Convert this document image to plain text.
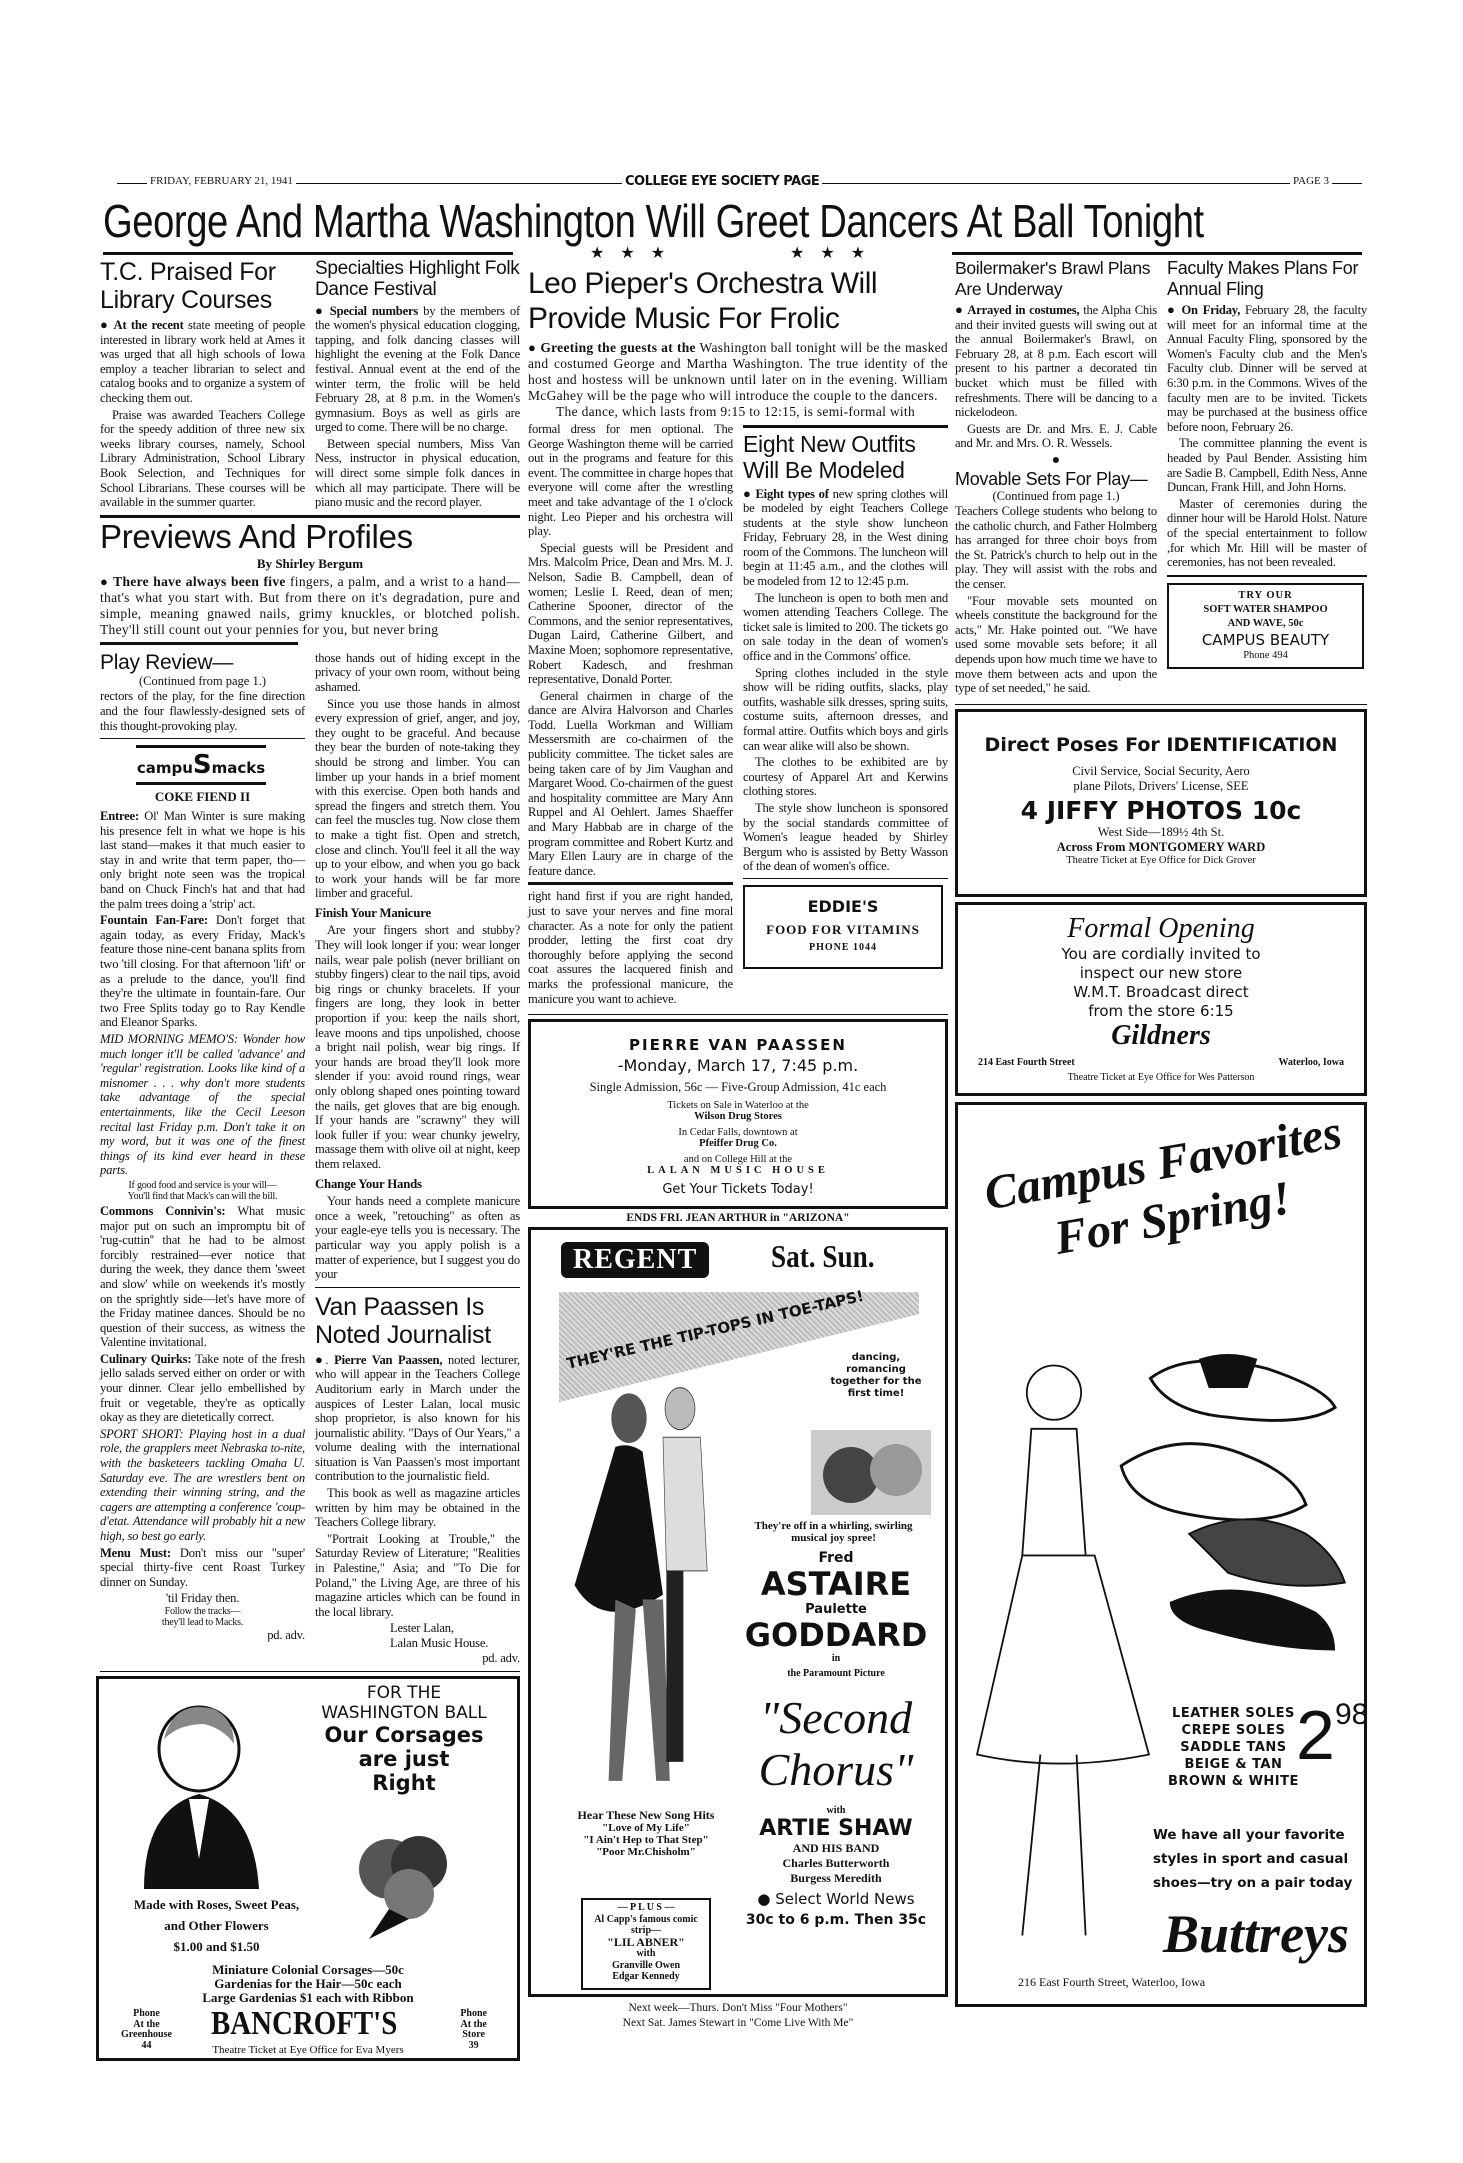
FRIDAY, FEBRUARY 21, 1941	COLLEGE EYE SOCIETY PAGE	PAGE 3
George And Martha Washington Will Greet Dancers At Ball Tonight
★ ★ ★	★ ★ ★
T.C. Praised For Library Courses

● At the recent state meeting of people interested in library work held at Ames it was urged that all high schools of Iowa employ a teacher librarian to select and catalog books and to organize a system of checking them out.

Praise was awarded Teachers College for the speedy addition of three new six weeks library courses, namely, School Library Administration, School Library Book Selection, and Techniques for School Librarians. These courses will be available in the summer quarter.

Specialties Highlight Folk Dance Festival

● Special numbers by the members of the women's physical education clogging, tapping, and folk dancing classes will highlight the evening at the Folk Dance festival. Annual event at the end of the winter term, the frolic will be held February 28, at 8 p.m. in the Women's gymnasium. Boys as well as girls are urged to come. There will be no charge.

Between special numbers, Miss Van Ness, instructor in physical education, will direct some simple folk dances in which all may participate. There will be piano music and the record player.

Previews And Profiles
By Shirley Bergum
● There have always been five fingers, a palm, and a wrist to a hand—that's what you start with. But from there on it's degradation, pure and simple, meaning gnawed nails, grimy knuckles, or blotched polish. They'll still count out your pennies for you, but never bring
Play Review—
(Continued from page 1.)

rectors of the play, for the fine direction and the four flawlessly-designed sets of this thought-provoking play.

campuSmacks
COKE FIEND II

Entree: Ol' Man Winter is sure making his presence felt in what we hope is his last stand—makes it that much easier to stay in and write that term paper, tho—only bright note seen was the tropical band on Chuck Finch's hat and that had the palm trees doing a 'strip' act.

Fountain Fan-Fare: Don't forget that again today, as every Friday, Mack's feature those nine-cent banana splits from two 'till closing. For that afternoon 'lift' or as a prelude to the dance, you'll find they're the ultimate in fountain-fare. Our two Free Splits today go to Ray Kendle and Eleanor Sparks.

MID MORNING MEMO'S: Wonder how much longer it'll be called 'advance' and 'regular' registration. Looks like kind of a misnomer . . . why don't more students take advantage of the special entertainments, like the Cecil Leeson recital last Friday p.m. Don't take it on my word, but it was one of the finest things of its kind ever heard in these parts.

If good food and service is your will—
You'll find that Mack's can will the bill.

Commons Connivin's: What music major put on such an impromptu bit of 'rug-cuttin'' that he had to be almost forcibly restrained—ever notice that during the week, they dance them 'sweet and slow' while on weekends it's mostly on the sprightly side—let's have more of the Friday matinee dances. Should be no question of their success, as witness the Valentine invitational.

Culinary Quirks: Take note of the fresh jello salads served either on order or with your dinner. Clear jello embellished by fruit or vegetable, they're as optically okay as they are dietetically correct.

SPORT SHORT: Playing host in a dual role, the grapplers meet Nebraska to-nite, with the basketeers tackling Omaha U. Saturday eve. The are wrestlers bent on extending their winning string, and the cagers are attempting a conference 'coup-d'etat. Attendance will probably hit a new high, so best go early.

Menu Must: Don't miss our "super' special thirty-five cent Roast Turkey dinner on Sunday.

'til Friday then.
Follow the tracks—
they'll lead to Macks.
pd. adv.

those hands out of hiding except in the privacy of your own room, without being ashamed.

Since you use those hands in almost every expression of grief, anger, and joy, they ought to be graceful. And because they bear the burden of note-taking they should be strong and limber. You can limber up your hands in a brief moment with this exercise. Open both hands and spread the fingers and stretch them. You can feel the muscles tug. Now close them to make a tight fist. Open and stretch, close and clinch. You'll feel it all the way up to your elbow, and when you go back to work your hands will be far more limber and graceful.

Finish Your Manicure

Are your fingers short and stubby? They will look longer if you: wear longer nails, wear pale polish (never brilliant on stubby fingers) clear to the nail tips, avoid big rings or chunky bracelets. If your fingers are long, they look in better proportion if you: keep the nails short, leave moons and tips unpolished, choose a bright nail polish, wear big rings. If your hands are broad they'll look more slender if you: avoid round rings, wear only oblong shaped ones pointing toward the nails, get gloves that are big enough. If your hands are "scrawny" they will look fuller if you: wear chunky jewelry, massage them with olive oil at night, keep them relaxed.

Change Your Hands

Your hands need a complete manicure once a week, "retouching" as often as your eagle-eye tells you is necessary. The particular way you apply polish is a matter of experience, but I suggest you do your

Van Paassen Is Noted Journalist

●. Pierre Van Paassen, noted lecturer, who will appear in the Teachers College Auditorium early in March under the auspices of Lester Lalan, local music shop proprietor, is also known for his journalistic ability. "Days of Our Years," a volume dealing with the international situation is Van Paassen's most important contribution to the journalistic field.

This book as well as magazine articles written by him may be obtained in the Teachers College library.

"Portrait Looking at Trouble," the Saturday Review of Literature; "Realities in Palestine," Asia; and "To Die for Poland," the Living Age, are three of his magazine articles which can be found in the local library.

Lester Lalan,
Lalan Music House.
pd. adv.
FOR THE
WASHINGTON BALL
Our Corsages
are just
Right
Made with Roses, Sweet Peas,
and Other Flowers
$1.00 and $1.50
Miniature Colonial Corsages—50c
Gardenias for the Hair—50c each
Large Gardenias $1 each with Ribbon
Phone
At the
Greenhouse
44
BANCROFT'S	Phone
At the
Store
39
Theatre Ticket at Eye Office for Eva Myers
Leo Pieper's Orchestra Will Provide Music For Frolic
● Greeting the guests at the Washington ball tonight will be the masked and costumed George and Martha Washington. The true identity of the host and hostess will be unknown until later on in the evening. William McGahey will be the page who will introduce the couple to the dancers.
The dance, which lasts from 9:15 to 12:15, is semi-formal with

formal dress for men optional. The George Washington theme will be carried out in the programs and feature for this event. The committee in charge hopes that everyone will come after the wrestling meet and take advantage of the 1 o'clock night. Leo Pieper and his orchestra will play.

Special guests will be President and Mrs. Malcolm Price, Dean and Mrs. M. J. Nelson, Sadie B. Campbell, dean of women; Leslie I. Reed, dean of men; Catherine Spooner, director of the Commons, and the senior representatives, Dugan Laird, Catherine Gilbert, and Maxine Moen; sophomore representative, Robert Kadesch, and freshman representative, Donald Porter.

General chairmen in charge of the dance are Alvira Halvorson and Charles Todd. Luella Workman and William Messersmith are co-chairmen of the publicity committee. The ticket sales are being taken care of by Jim Vaughan and Margaret Wood. Co-chairmen of the guest and hospitality committee are Mary Ann Ruppel and Al Oehlert. James Shaeffer and Mary Habbab are in charge of the program committee and Robert Kurtz and Mary Ellen Laury are in charge of the feature dance.

right hand first if you are right handed, just to save your nerves and fine moral character. As a note for only the patient prodder, letting the first coat dry thoroughly before applying the second coat assures the lacquered finish and marks the professional manicure, the manicure you want to achieve.

Eight New Outfits Will Be Modeled

● Eight types of new spring clothes will be modeled by eight Teachers College students at the style show luncheon Friday, February 28, in the West dining room of the Commons. The luncheon will begin at 11:45 a.m., and the clothes will be modeled from 12 to 12:45 p.m.

The luncheon is open to both men and women attending Teachers College. The ticket sale is limited to 200. The tickets go on sale today in the dean of women's office and in the Commons' office.

Spring clothes included in the style show will be riding outfits, slacks, play outfits, washable silk dresses, spring suits, costume suits, afternoon dresses, and formal attire. Outfits which boys and girls can wear alike will also be shown.

The clothes to be exhibited are by courtesy of Apparel Art and Kerwins clothing stores.

The style show luncheon is sponsored by the social standards committee of Women's league headed by Shirley Bergum who is assisted by Betty Wasson of the dean of women's office.

EDDIE'S
FOOD FOR VITAMINS
PHONE 1044
PIERRE VAN PAASSEN
-Monday, March 17, 7:45 p.m.
Single Admission, 56c — Five-Group Admission, 41c each
Tickets on Sale in Waterloo at the
Wilson Drug Stores
In Cedar Falls, downtown at
Pfeiffer Drug Co.
and on College Hill at the
LALAN MUSIC HOUSE
Get Your Tickets Today!
ENDS FRI. JEAN ARTHUR in "ARIZONA"
REGENT	Sat. Sun.
THEY'RE THE TIP-TOPS IN TOE-TAPS!
dancing, romancing together for the first time!
They're off in a whirling, swirling musical joy spree!
Fred
ASTAIRE
Paulette
GODDARD
in
the Paramount Picture
"Second
Chorus"
with
ARTIE SHAW
AND HIS BAND
Charles Butterworth
Burgess Meredith
● Select World News
30c to 6 p.m. Then 35c
Hear These New Song Hits
"Love of My Life"
"I Ain't Hep to That Step"
"Poor Mr.Chisholm"
— P L U S —
Al Capp's famous comic strip—
"LIL ABNER"
with
Granville Owen
Edgar Kennedy
Next week—Thurs. Don't Miss "Four Mothers"
Next Sat. James Stewart in "Come Live With Me"
Boilermaker's Brawl Plans Are Underway

● Arrayed in costumes, the Alpha Chis and their invited guests will swing out at the annual Boilermaker's Brawl, on February 28, at 8 p.m. Each escort will present to his partner a decorated tin bucket which must be filled with refreshments. There will be dancing to a nickelodeon.

Guests are Dr. and Mrs. E. J. Cable and Mr. and Mrs. O. R. Wessels.

●
Movable Sets For Play—
(Continued from page 1.)

Teachers College students who belong to the catholic church, and Father Holmberg has arranged for three choir boys from the St. Patrick's church to help out in the play. They will assist with the robs and the censer.

"Four movable sets mounted on wheels constitute the background for the acts," Mr. Hake pointed out. "We have used some movable sets before; it all depends upon how much time we have to move them between acts and upon the type of set needed," he said.

Faculty Makes Plans For Annual Fling

● On Friday, February 28, the faculty will meet for an informal time at the Annual Faculty Fling, sponsored by the Women's Faculty club and the Men's Faculty club. Dinner will be served at 6:30 p.m. in the Commons. Wives of the faculty men are to be invited. Tickets may be purchased at the business office before noon, February 26.

The committee planning the event is headed by Paul Bender. Assisting him are Sadie B. Campbell, Edith Ness, Anne Duncan, Frank Hill, and John Horns.

Master of ceremonies during the dinner hour will be Harold Holst. Nature of the special entertainment to follow ,for which Mr. Hill will be master of ceremonies, has not been revealed.

TRY OUR
SOFT WATER SHAMPOO
AND WAVE, 50c
CAMPUS BEAUTY
Phone 494
Direct Poses For IDENTIFICATION
Civil Service, Social Security, Aero
plane Pilots, Drivers' License, SEE
4 JIFFY PHOTOS 10c
West Side—189½ 4th St.
Across From MONTGOMERY WARD
Theatre Ticket at Eye Office for Dick Grover
Formal Opening
You are cordially invited to
inspect our new store
W.M.T. Broadcast direct
from the store 6:15
Gildners
214 East Fourth Street	Waterloo, Iowa
Theatre Ticket at Eye Office for Wes Patterson
Campus Favorites For Spring!
LEATHER SOLES
CREPE SOLES
SADDLE TANS
BEIGE & TAN
BROWN & WHITE
$2^{98}$
We have all your favorite
styles in sport and casual
shoes—try on a pair today
Buttreys
216 East Fourth Street, Waterloo, Iowa
